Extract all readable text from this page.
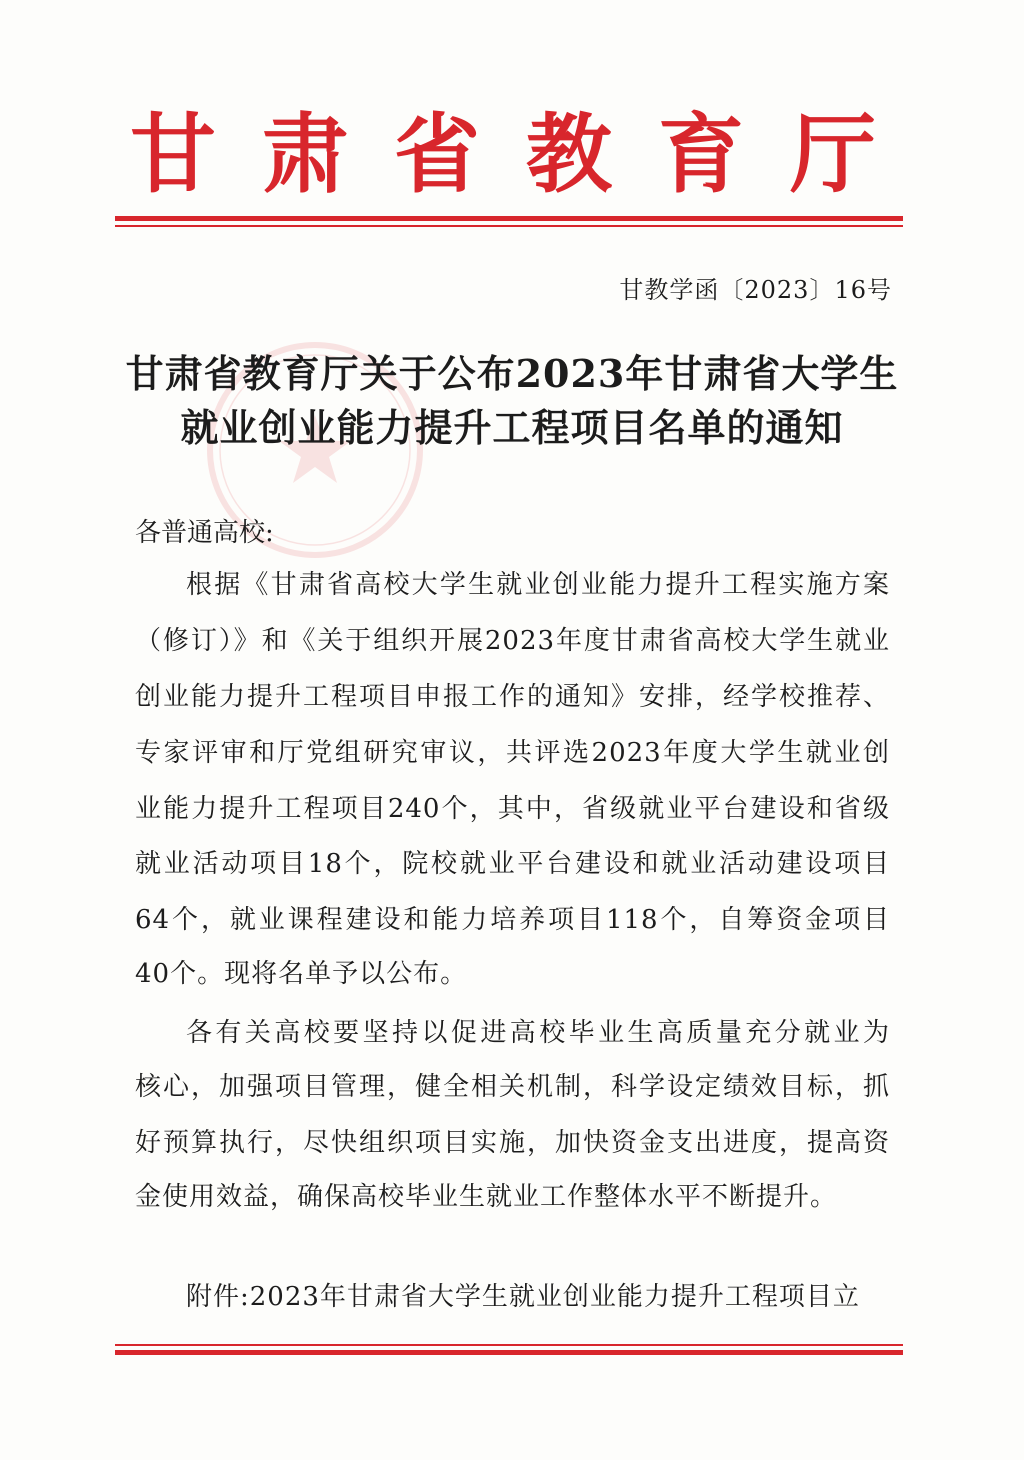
甘 肃 省 教 育 厅
甘教学函〔2023〕16号
甘肃省教育厅关于公布2023年甘肃省大学生
就业创业能力提升工程项目名单的通知
各普通高校:
根据《甘肃省高校大学生就业创业能力提升工程实施方案
（修订）》和《关于组织开展2023年度甘肃省高校大学生就业
创业能力提升工程项目申报工作的通知》安排，经学校推荐、
专家评审和厅党组研究审议，共评选2023年度大学生就业创
业能力提升工程项目240个，其中，省级就业平台建设和省级
就业活动项目18个，院校就业平台建设和就业活动建设项目
64个，就业课程建设和能力培养项目118个，自筹资金项目
40个。现将名单予以公布。
各有关高校要坚持以促进高校毕业生高质量充分就业为
核心，加强项目管理，健全相关机制，科学设定绩效目标，抓
好预算执行，尽快组织项目实施，加快资金支出进度，提高资
金使用效益，确保高校毕业生就业工作整体水平不断提升。
附件:2023年甘肃省大学生就业创业能力提升工程项目立
